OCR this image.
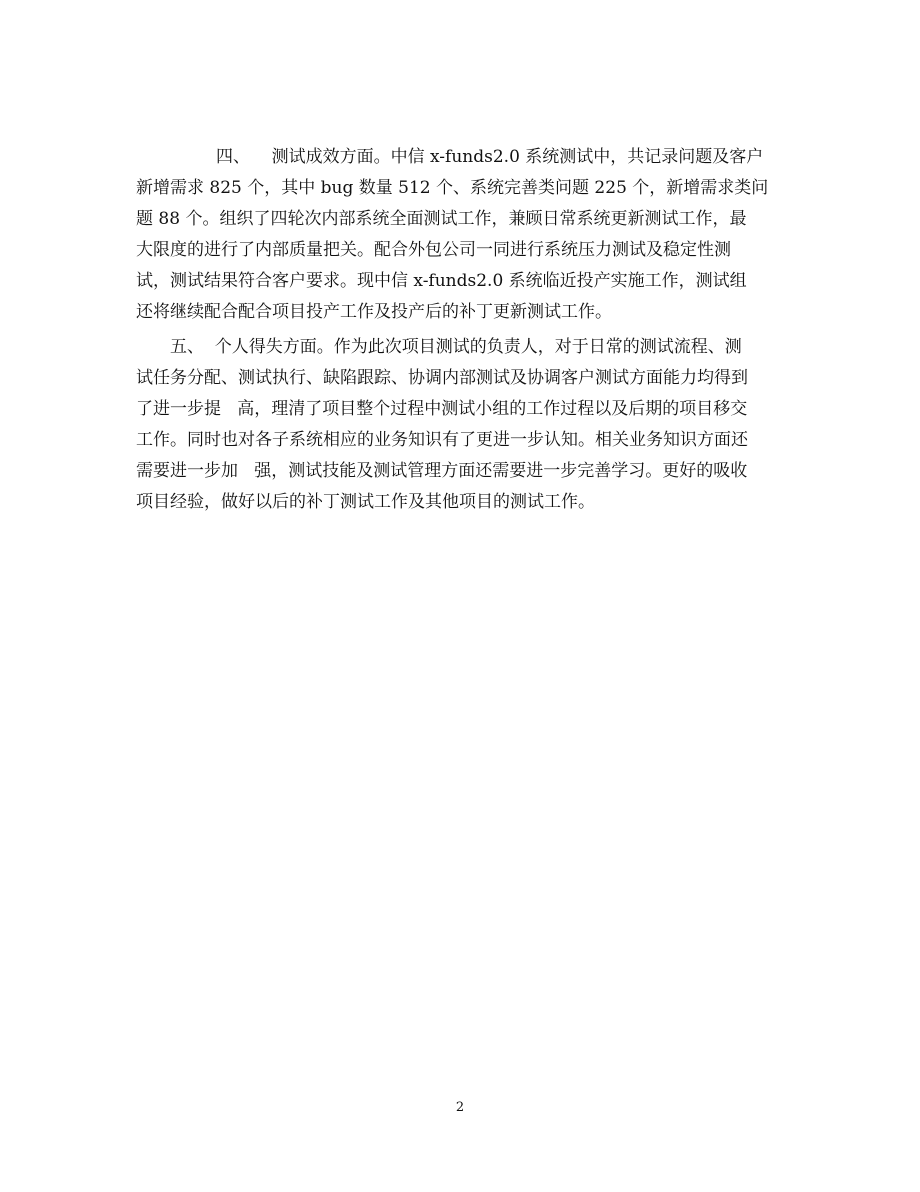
四、    测试成效方面。中信 x-funds2.0 系统测试中，共记录问题及客户

新增需求 825 个，其中 bug 数量 512 个、系统完善类问题 225 个，新增需求类问

题 88 个。组织了四轮次内部系统全面测试工作，兼顾日常系统更新测试工作，最

大限度的进行了内部质量把关。配合外包公司一同进行系统压力测试及稳定性测

试，测试结果符合客户要求。现中信 x-funds2.0 系统临近投产实施工作，测试组

还将继续配合配合项目投产工作及投产后的补丁更新测试工作。

五、  个人得失方面。作为此次项目测试的负责人，对于日常的测试流程、测

试任务分配、测试执行、缺陷跟踪、协调内部测试及协调客户测试方面能力均得到

了进一步提   高，理清了项目整个过程中测试小组的工作过程以及后期的项目移交

工作。同时也对各子系统相应的业务知识有了更进一步认知。相关业务知识方面还

需要进一步加   强，测试技能及测试管理方面还需要进一步完善学习。更好的吸收

项目经验，做好以后的补丁测试工作及其他项目的测试工作。

2
